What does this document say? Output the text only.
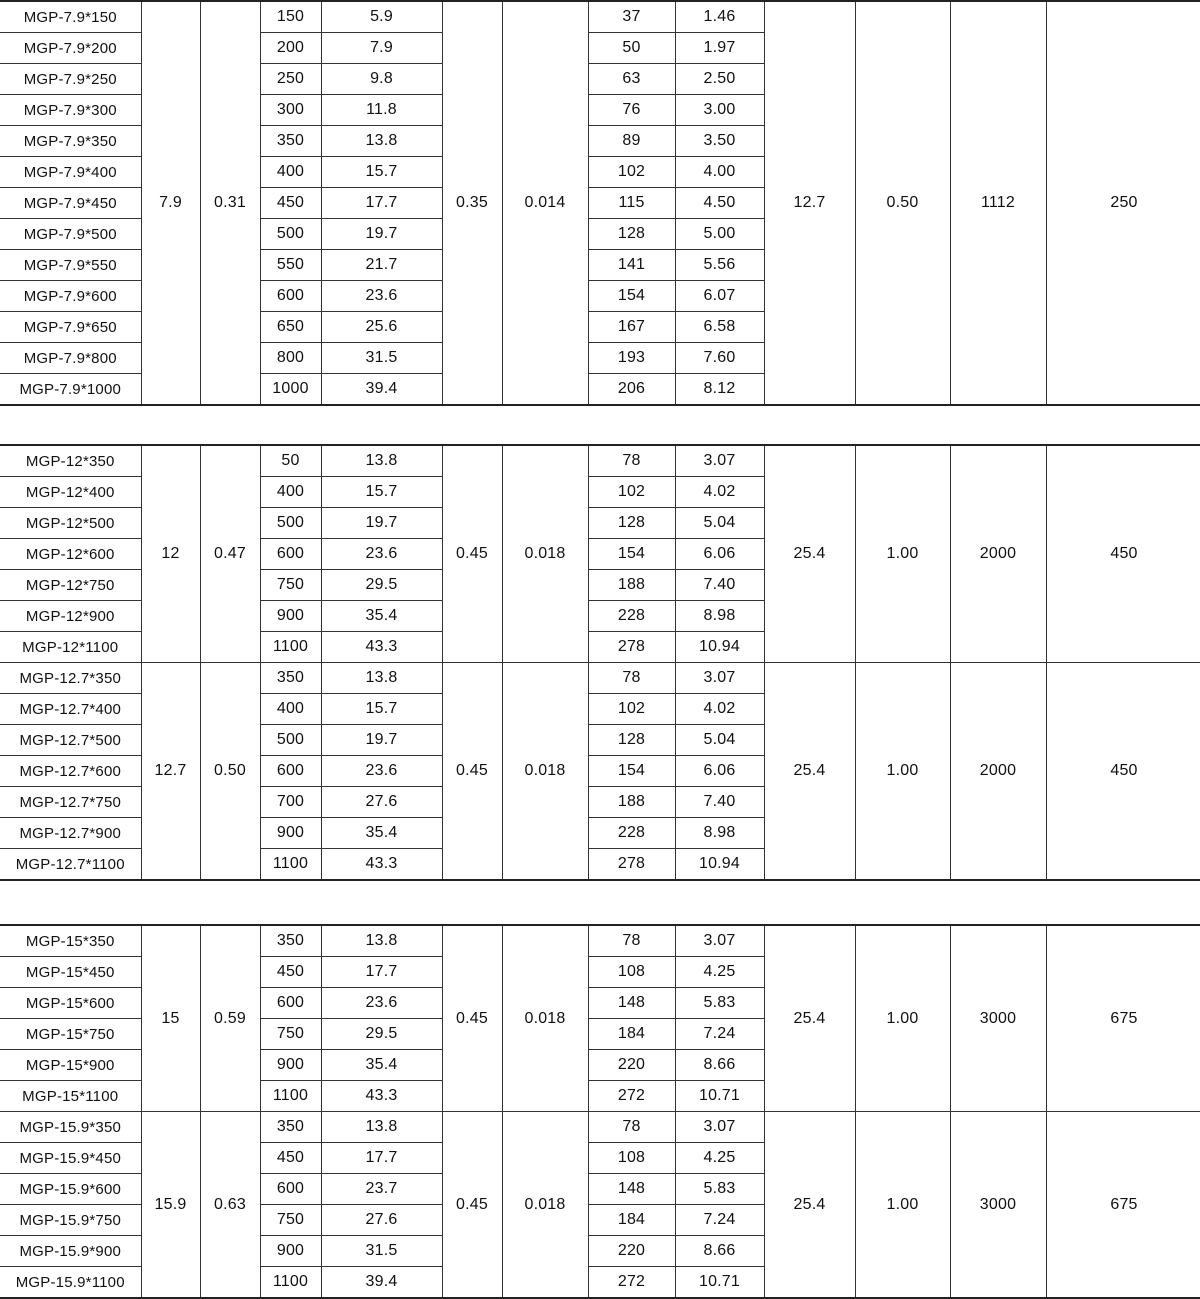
MGP-7.9*150	7.9	0.31	150	5.9	0.35	0.014	37	1.46	12.7	0.50	1112	250	

MGP-7.9*200			200	7.9			50	1.97					
MGP-7.9*250			250	9.8			63	2.50					
MGP-7.9*300			300	11.8			76	3.00					
MGP-7.9*350			350	13.8			89	3.50					
MGP-7.9*400			400	15.7			102	4.00					
MGP-7.9*450			450	17.7			115	4.50					
MGP-7.9*500			500	19.7			128	5.00					
MGP-7.9*550			550	21.7			141	5.56					
MGP-7.9*600			600	23.6			154	6.07					
MGP-7.9*650			650	25.6			167	6.58					
MGP-7.9*800			800	31.5			193	7.60					
MGP-7.9*1000			1000	39.4			206	8.12					
MGP-12*350	12	0.47	50	13.8	0.45	0.018	78	3.07	25.4	1.00	2000	450	

MGP-12*400			400	15.7			102	4.02					
MGP-12*500			500	19.7			128	5.04					
MGP-12*600			600	23.6			154	6.06					
MGP-12*750			750	29.5			188	7.40					
MGP-12*900			900	35.4			228	8.98					
MGP-12*1100			1100	43.3			278	10.94					
MGP-12.7*350	12.7	0.50	350	13.8	0.45	0.018	78	3.07	25.4	1.00	2000	450	

MGP-12.7*400			400	15.7			102	4.02					
MGP-12.7*500			500	19.7			128	5.04					
MGP-12.7*600			600	23.6			154	6.06					
MGP-12.7*750			700	27.6			188	7.40					
MGP-12.7*900			900	35.4			228	8.98					
MGP-12.7*1100			1100	43.3			278	10.94					
MGP-15*350	15	0.59	350	13.8	0.45	0.018	78	3.07	25.4	1.00	3000	675	

MGP-15*450			450	17.7			108	4.25					
MGP-15*600			600	23.6			148	5.83					
MGP-15*750			750	29.5			184	7.24					
MGP-15*900			900	35.4			220	8.66					
MGP-15*1100			1100	43.3			272	10.71					
MGP-15.9*350	15.9	0.63	350	13.8	0.45	0.018	78	3.07	25.4	1.00	3000	675	

MGP-15.9*450			450	17.7			108	4.25					
MGP-15.9*600			600	23.7			148	5.83					
MGP-15.9*750			750	27.6			184	7.24					
MGP-15.9*900			900	31.5			220	8.66					
MGP-15.9*1100			1100	39.4			272	10.71					
